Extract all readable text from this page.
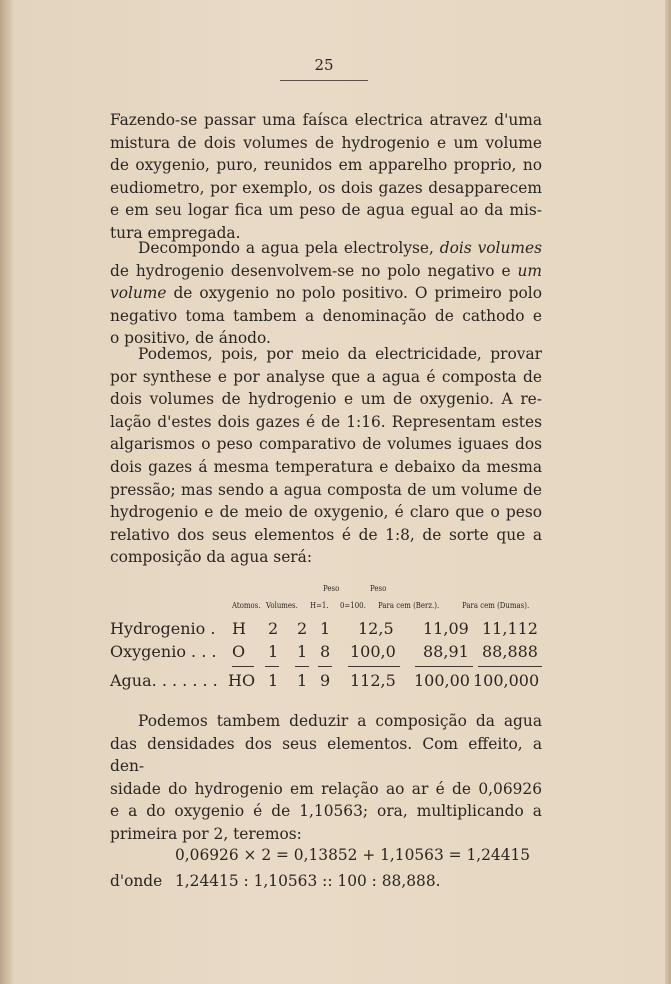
25
Fazendo-se passar uma faísca electrica atravez d'uma
mistura de dois volumes de hydrogenio e um volume
de oxygenio, puro, reunidos em apparelho proprio, no
eudiometro, por exemplo, os dois gazes desapparecem
e em seu logar fica um peso de agua egual ao da mis-
tura empregada.
Decompondo a agua pela electrolyse, dois volumes
de hydrogenio desenvolvem-se no polo negativo e um
volume de oxygenio no polo positivo. O primeiro polo
negativo toma tambem a denominação de cathodo e
o positivo, de ánodo.
Podemos, pois, por meio da electricidade, provar
por synthese e por analyse que a agua é composta de
dois volumes de hydrogenio e um de oxygenio. A re-
lação d'estes dois gazes é de 1:16. Representam estes
algarismos o peso comparativo de volumes iguaes dos
dois gazes á mesma temperatura e debaixo da mesma
pressão; mas sendo a agua composta de um volume de
hydrogenio e de meio de oxygenio, é claro que o peso
relativo dos seus elementos é de 1:8, de sorte que a
composição da agua será:
Peso	Peso
Atomos. Volumes. H=1. 0=100. Para cem (Berz.).	Para cem (Dumas).
Hydrogenio . H 2 2 1 12,5 11,09 11,112
Oxygenio . . . O 1 1 8 100,0 88,91 88,888
Agua. . . . . . . HO 1 1 9 112,5 100,00 100,000
Podemos tambem deduzir a composição da agua
das densidades dos seus elementos. Com effeito, a den-
sidade do hydrogenio em relação ao ar é de 0,06926
e a do oxygenio é de 1,10563; ora, multiplicando a
primeira por 2, teremos:
0,06926 × 2 = 0,13852 + 1,10563 = 1,24415
d'onde 1,24415 : 1,10563 :: 100 : 88,888.
